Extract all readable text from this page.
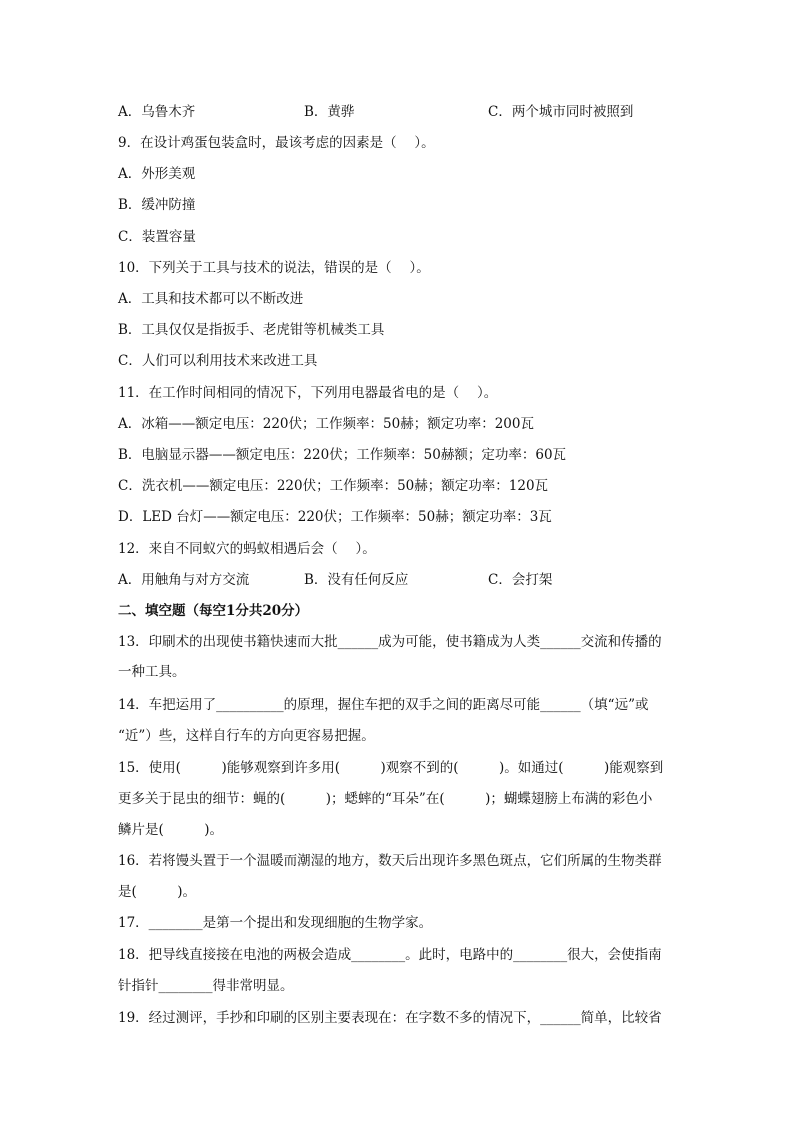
A．乌鲁木齐	B．黄骅	C．两个城市同时被照到
9．在设计鸡蛋包装盒时，最该考虑的因素是（　 ）。
A．外形美观
B．缓冲防撞
C．装置容量
10．下列关于工具与技术的说法，错误的是（　 ）。
A．工具和技术都可以不断改进
B．工具仅仅是指扳手、老虎钳等机械类工具
C．人们可以利用技术来改进工具
11．在工作时间相同的情况下，下列用电器最省电的是（　 ）。
A．冰箱——额定电压：220伏；工作频率：50赫；额定功率：200瓦
B．电脑显示器——额定电压：220伏；工作频率：50赫额；定功率：60瓦
C．洗衣机——额定电压：220伏；工作频率：50赫；额定功率：120瓦
D．LED 台灯——额定电压：220伏；工作频率：50赫；额定功率：3瓦
12．来自不同蚁穴的蚂蚁相遇后会（　 ）。
A．用触角与对方交流	B．没有任何反应	C．会打架
二、填空题（每空1分共20分）
13．印刷术的出现使书籍快速而大批______成为可能，使书籍成为人类______交流和传播的
一种工具。
14．车把运用了__________的原理，握住车把的双手之间的距离尽可能______（填“远”或
“近”）些，这样自行车的方向更容易把握。
15．使用(　　　)能够观察到许多用(　　　)观察不到的(　　　)。如通过(　　　)能观察到
更多关于昆虫的细节：蝇的(　　　)；蟋蟀的“耳朵”在(　　　)；蝴蝶翅膀上布满的彩色小
鳞片是(　　　)。
16．若将馒头置于一个温暖而潮湿的地方，数天后出现许多黑色斑点，它们所属的生物类群
是(　　　)。
17．________是第一个提出和发现细胞的生物学家。
18．把导线直接接在电池的两极会造成________。此时，电路中的________很大，会使指南
针指针________得非常明显。
19．经过测评，手抄和印刷的区别主要表现在：在字数不多的情况下，______简单，比较省
